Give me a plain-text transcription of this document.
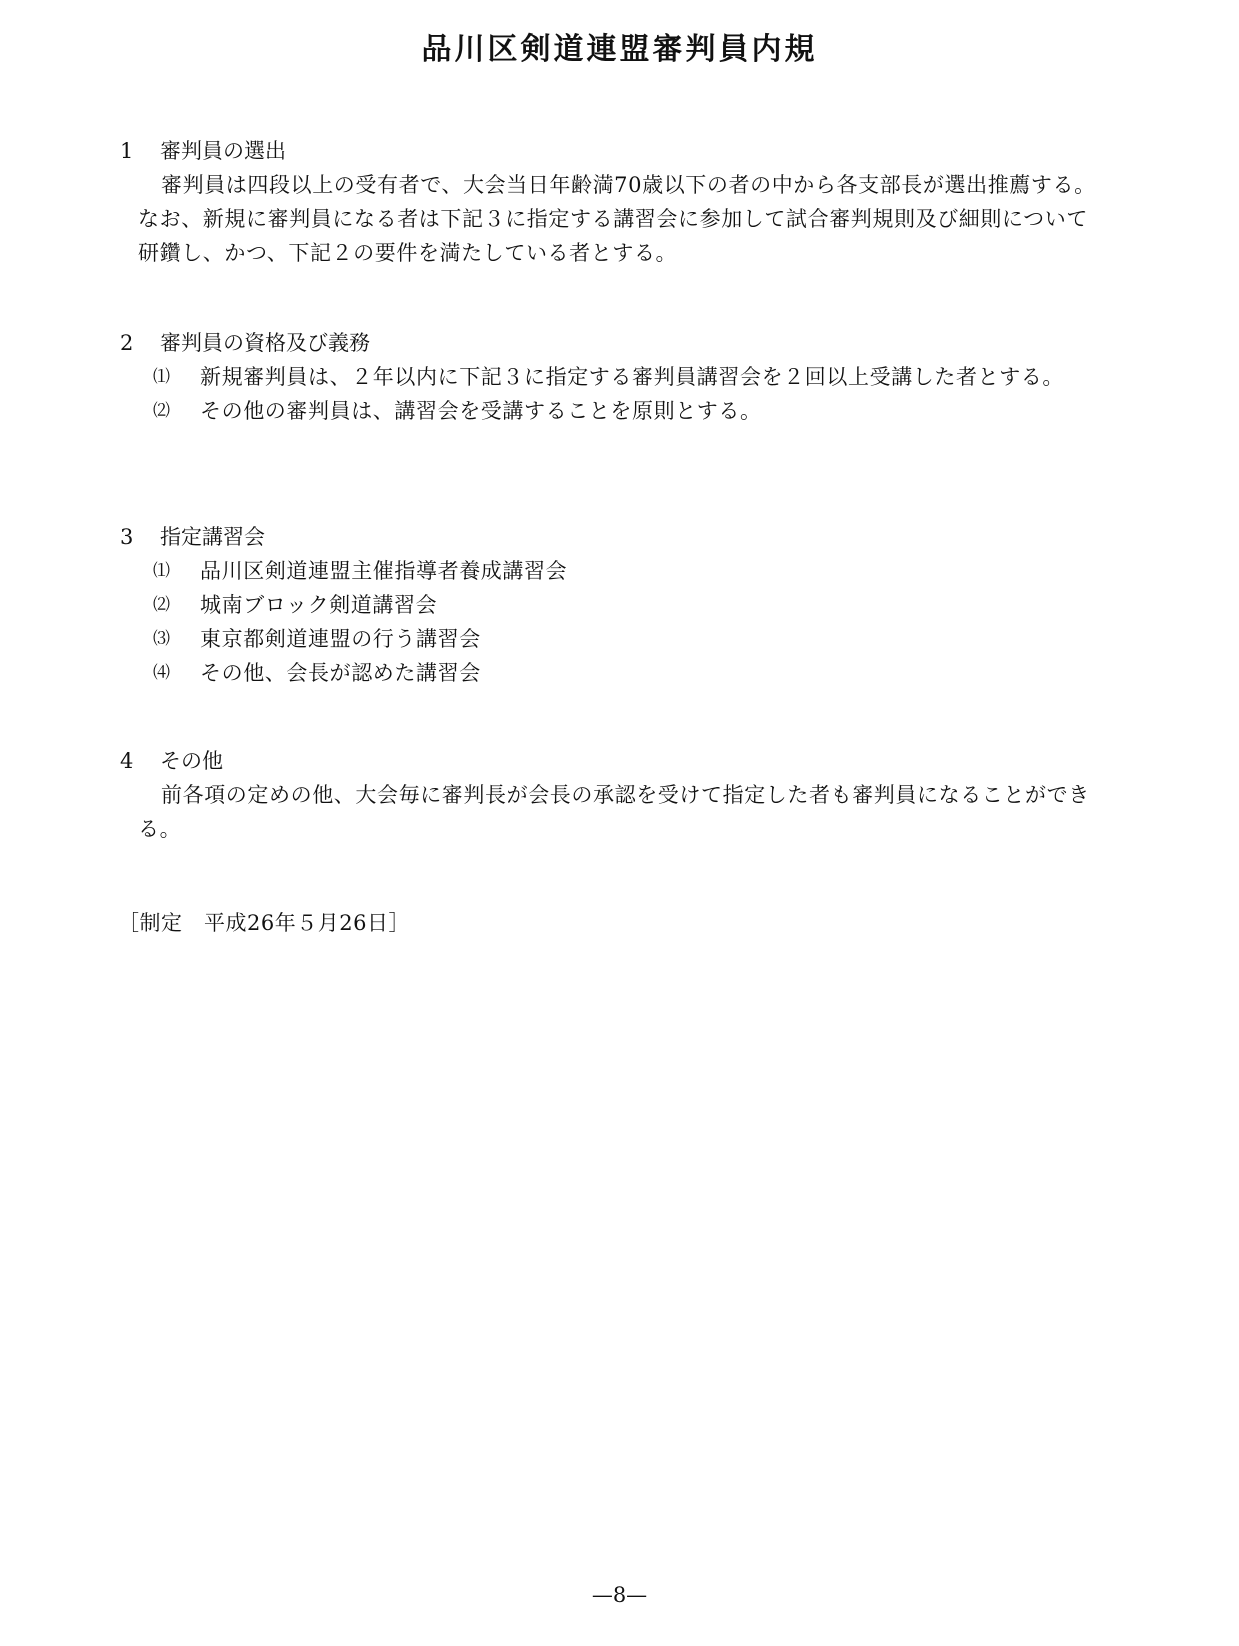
品川区剣道連盟審判員内規
1	審判員の選出
審判員は四段以上の受有者で、大会当日年齢満70歳以下の者の中から各支部長が選出推薦する。なお、新規に審判員になる者は下記３に指定する講習会に参加して試合審判規則及び細則について研鑽し、かつ、下記２の要件を満たしている者とする。
2	審判員の資格及び義務
⑴	新規審判員は、２年以内に下記３に指定する審判員講習会を２回以上受講した者とする。
⑵	その他の審判員は、講習会を受講することを原則とする。
3	指定講習会
⑴	品川区剣道連盟主催指導者養成講習会
⑵	城南ブロック剣道講習会
⑶	東京都剣道連盟の行う講習会
⑷	その他、会長が認めた講習会
4	その他
前各項の定めの他、大会毎に審判長が会長の承認を受けて指定した者も審判員になることができる。
［制定　平成26年５月26日］
—8—
